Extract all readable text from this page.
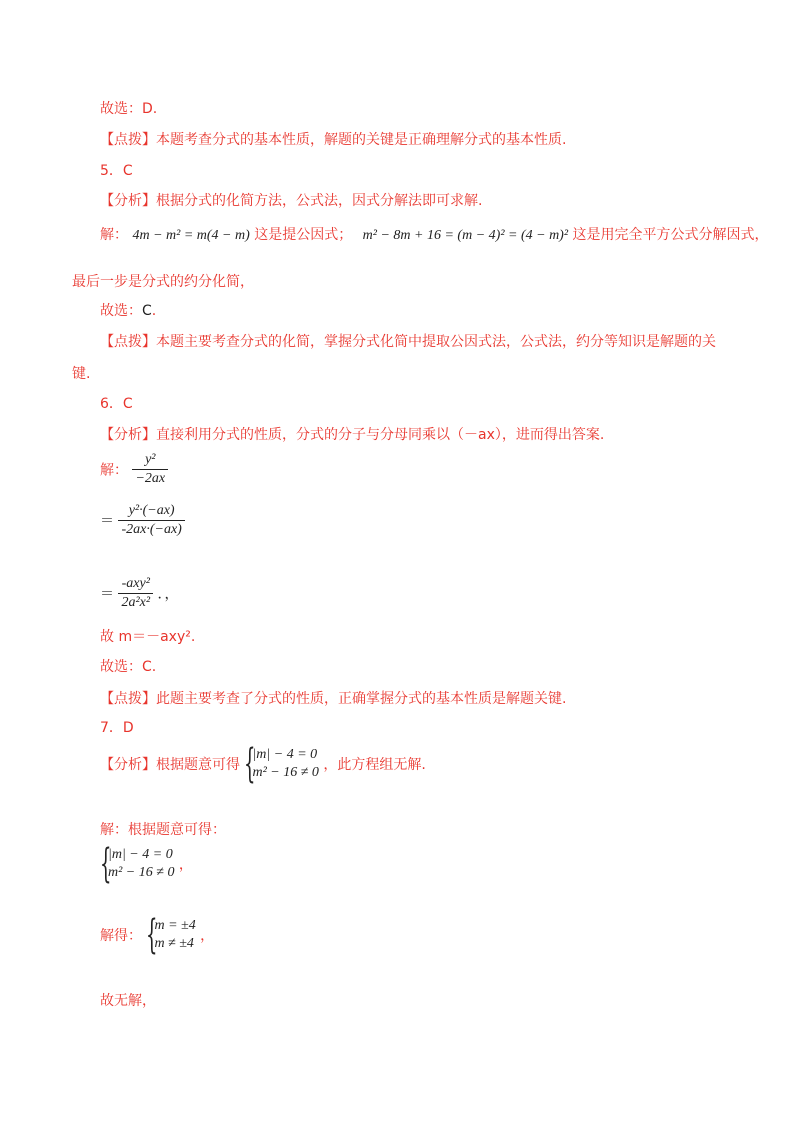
故选：D.
【点拨】本题考查分式的基本性质，解题的关键是正确理解分式的基本性质.
5．C
【分析】根据分式的化简方法，公式法，因式分解法即可求解.
解： 4m − m² = m(4 − m) 这是提公因式； m² − 8m + 16 = (m − 4)² = (4 − m)² 这是用完全平方公式分解因式，
最后一步是分式的约分化简，
故选：C.
【点拨】本题主要考查分式的化简，掌握分式化简中提取公因式法，公式法，约分等知识是解题的关
键.
6．C
【分析】直接利用分式的性质，分式的分子与分母同乘以（－ax），进而得出答案.
解： $\frac{\text{y²}}{-2ax}$
＝ $\frac{\text{y²·(−ax)}}{-2ax\cdot(-ax)}$
＝ $\frac{\text{-axy²}}{\text{2a²x²}}$ ．，
故 m＝－axy².
故选：C.
【点拨】此题主要考查了分式的性质，正确掌握分式的基本性质是解题关键.
7．D
【分析】根据题意可得 {
|m| − 4 = 0
m² − 16 ≠ 0 ，此方程组无解.
解：根据题意可得：
{
|m| − 4 = 0
m² − 16 ≠ 0 ，
解得： {
m = ±4
m ≠ ±4 ，
故无解，
